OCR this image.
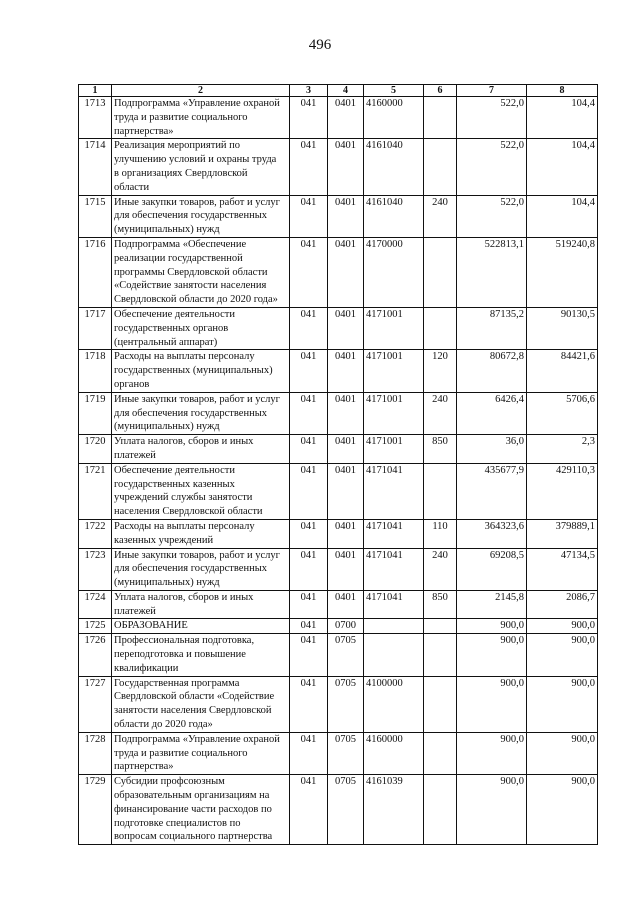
496
1	2	3	4	5	6	7	8
1713	Подпрограмма «Управление охраной
труда и развитие социального
партнерства»	041	0401	4160000		522,0	104,4
1714	Реализация мероприятий по
улучшению условий и охраны труда
в организациях Свердловской
области	041	0401	4161040		522,0	104,4
1715	Иные закупки товаров, работ и услуг
для обеспечения государственных
(муниципальных) нужд	041	0401	4161040	240	522,0	104,4
1716	Подпрограмма «Обеспечение
реализации государственной
программы Свердловской области
«Содействие занятости населения
Свердловской области до 2020 года»	041	0401	4170000		522813,1	519240,8
1717	Обеспечение деятельности
государственных органов
(центральный аппарат)	041	0401	4171001		87135,2	90130,5
1718	Расходы на выплаты персоналу
государственных (муниципальных)
органов	041	0401	4171001	120	80672,8	84421,6
1719	Иные закупки товаров, работ и услуг
для обеспечения государственных
(муниципальных) нужд	041	0401	4171001	240	6426,4	5706,6
1720	Уплата налогов, сборов и иных
платежей	041	0401	4171001	850	36,0	2,3
1721	Обеспечение деятельности
государственных казенных
учреждений службы занятости
населения Свердловской области	041	0401	4171041		435677,9	429110,3
1722	Расходы на выплаты персоналу
казенных учреждений	041	0401	4171041	110	364323,6	379889,1
1723	Иные закупки товаров, работ и услуг
для обеспечения государственных
(муниципальных) нужд	041	0401	4171041	240	69208,5	47134,5
1724	Уплата налогов, сборов и иных
платежей	041	0401	4171041	850	2145,8	2086,7
1725	ОБРАЗОВАНИЕ	041	0700			900,0	900,0
1726	Профессиональная подготовка,
переподготовка и повышение
квалификации	041	0705			900,0	900,0
1727	Государственная программа
Свердловской области «Содействие
занятости населения Свердловской
области до 2020 года»	041	0705	4100000		900,0	900,0
1728	Подпрограмма «Управление охраной
труда и развитие социального
партнерства»	041	0705	4160000		900,0	900,0
1729	Субсидии профсоюзным
образовательным организациям на
финансирование части расходов по
подготовке специалистов по
вопросам социального партнерства	041	0705	4161039		900,0	900,0
